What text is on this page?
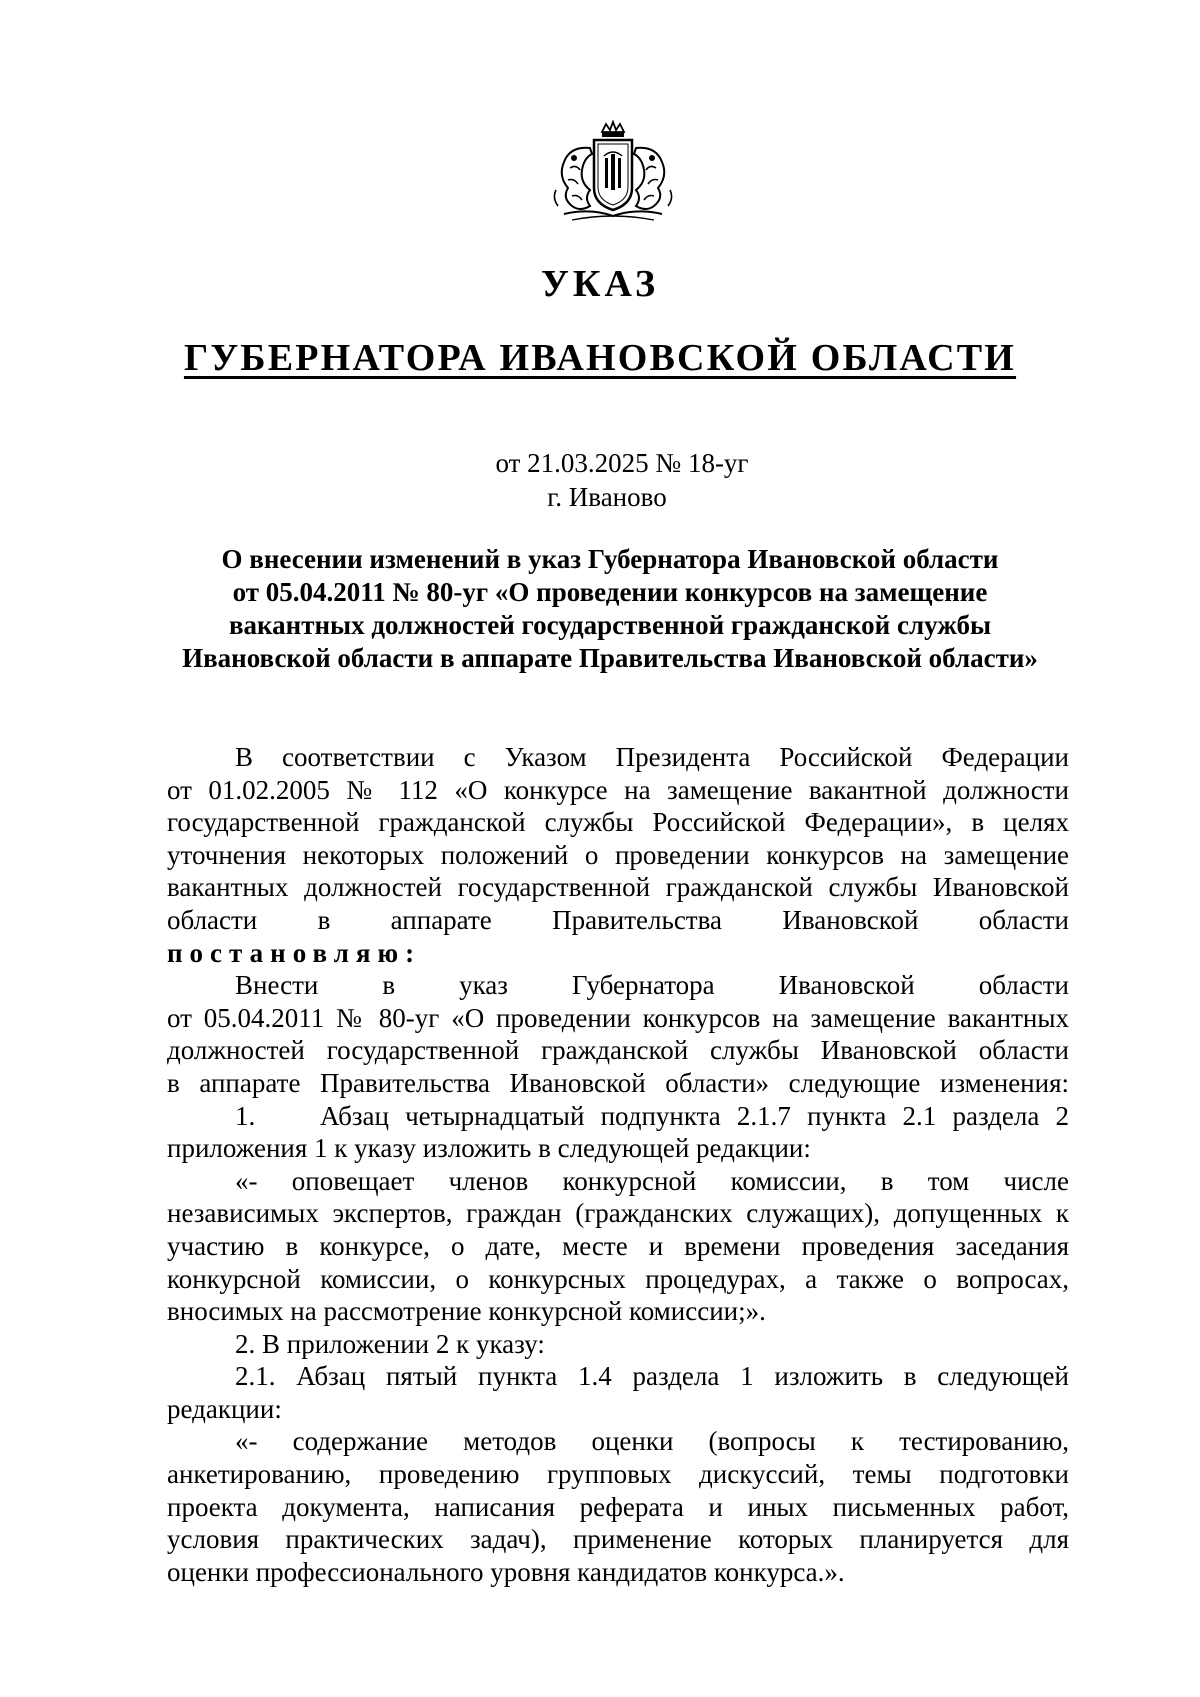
УКАЗ
ГУБЕРНАТОРА ИВАНОВСКОЙ ОБЛАСТИ
от 21.03.2025 № 18-уг
г. Иваново
О внесении изменений в указ Губернатора Ивановской области
от 05.04.2011 № 80-уг «О проведении конкурсов на замещение
вакантных должностей государственной гражданской службы
Ивановской области в аппарате Правительства Ивановской области»
В соответствии с Указом Президента Российской Федерации
от 01.02.2005 № 112 «О конкурсе на замещение вакантной должности
государственной гражданской службы Российской Федерации», в целях
уточнения некоторых положений о проведении конкурсов на замещение
вакантных должностей государственной гражданской службы Ивановской
области в аппарате Правительства Ивановской области
постановляю:
Внести в указ Губернатора Ивановской области
от 05.04.2011 № 80-уг «О проведении конкурсов на замещение вакантных
должностей государственной гражданской службы Ивановской области
в аппарате Правительства Ивановской области» следующие изменения:
1.    Абзац четырнадцатый подпункта 2.1.7 пункта 2.1 раздела 2
приложения 1 к указу изложить в следующей редакции:
«- оповещает членов конкурсной комиссии, в том числе
независимых экспертов, граждан (гражданских служащих), допущенных к
участию в конкурсе, о дате, месте и времени проведения заседания
конкурсной комиссии, о конкурсных процедурах, а также о вопросах,
вносимых на рассмотрение конкурсной комиссии;».
2. В приложении 2 к указу:
2.1. Абзац пятый пункта 1.4 раздела 1 изложить в следующей
редакции:
«- содержание методов оценки (вопросы к тестированию,
анкетированию, проведению групповых дискуссий, темы подготовки
проекта документа, написания реферата и иных письменных работ,
условия практических задач), применение которых планируется для
оценки профессионального уровня кандидатов конкурса.».
